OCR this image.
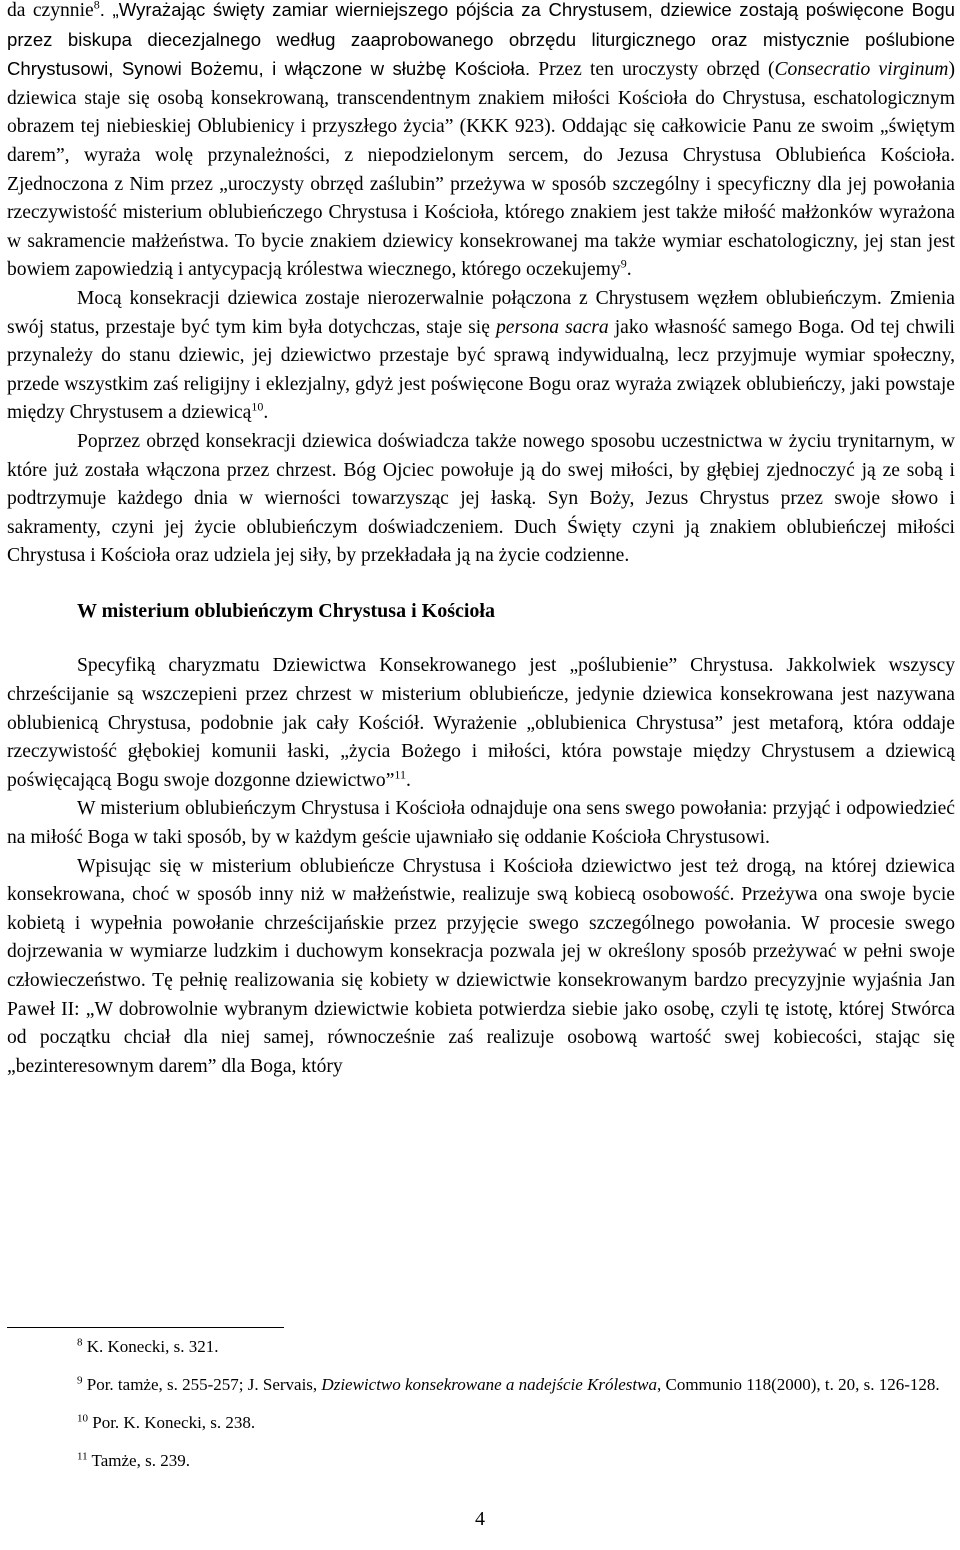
da czynnie$^8$. „Wyrażając święty zamiar wierniejszego pójścia za Chrystusem, dziewice zostają poświęcone Bogu przez biskupa diecezjalnego według zaaprobowanego obrzędu liturgicznego oraz mistycznie poślubione Chrystusowi, Synowi Bożemu, i włączone w służbę Kościoła. Przez ten uroczysty obrzęd (Consecratio virginum) dziewica staje się osobą konsekrowaną, transcendentnym znakiem miłości Kościoła do Chrystusa, eschatologicznym obrazem tej niebieskiej Oblubienicy i przyszłego życia” (KKK 923). Oddając się całkowicie Panu ze swoim „świętym darem”, wyraża wolę przynależności, z niepodzielonym sercem, do Jezusa Chrystusa Oblubieńca Kościoła. Zjednoczona z Nim przez „uroczysty obrzęd zaślubin” przeżywa w sposób szczególny i specyficzny dla jej powołania rzeczywistość misterium oblubieńczego Chrystusa i Kościoła, którego znakiem jest także miłość małżonków wyrażona w sakramencie małżeństwa. To bycie znakiem dziewicy konsekrowanej ma także wymiar eschatologiczny, jej stan jest bowiem zapowiedzią i antycypacją królestwa wiecznego, którego oczekujemy$^9$.

Mocą konsekracji dziewica zostaje nierozerwalnie połączona z Chrystusem węzłem oblubieńczym. Zmienia swój status, przestaje być tym kim była dotychczas, staje się persona sacra jako własność samego Boga. Od tej chwili przynależy do stanu dziewic, jej dziewictwo przestaje być sprawą indywidualną, lecz przyjmuje wymiar społeczny, przede wszystkim zaś religijny i eklezjalny, gdyż jest poświęcone Bogu oraz wyraża związek oblubieńczy, jaki powstaje między Chrystusem a dziewicą$^{10}$.

Poprzez obrzęd konsekracji dziewica doświadcza także nowego sposobu uczestnictwa w życiu trynitarnym, w które już została włączona przez chrzest. Bóg Ojciec powołuje ją do swej miłości, by głębiej zjednoczyć ją ze sobą i podtrzymuje każdego dnia w wierności towarzysząc jej łaską. Syn Boży, Jezus Chrystus przez swoje słowo i sakramenty, czyni jej życie oblubieńczym doświadczeniem. Duch Święty czyni ją znakiem oblubieńczej miłości Chrystusa i Kościoła oraz udziela jej siły, by przekładała ją na życie codzienne.

W misterium oblubieńczym Chrystusa i Kościoła

Specyfiką charyzmatu Dziewictwa Konsekrowanego jest „poślubienie” Chrystusa. Jakkolwiek wszyscy chrześcijanie są wszczepieni przez chrzest w misterium oblubieńcze, jedynie dziewica konsekrowana jest nazywana oblubienicą Chrystusa, podobnie jak cały Kościół. Wyrażenie „oblubienica Chrystusa” jest metaforą, która oddaje rzeczywistość głębokiej komunii łaski, „życia Bożego i miłości, która powstaje między Chrystusem a dziewicą poświęcającą Bogu swoje dozgonne dziewictwo”$^{11}$.

W misterium oblubieńczym Chrystusa i Kościoła odnajduje ona sens swego powołania: przyjąć i odpowiedzieć na miłość Boga w taki sposób, by w każdym geście ujawniało się oddanie Kościoła Chrystusowi.

Wpisując się w misterium oblubieńcze Chrystusa i Kościoła dziewictwo jest też drogą, na której dziewica konsekrowana, choć w sposób inny niż w małżeństwie, realizuje swą kobiecą osobowość. Przeżywa ona swoje bycie kobietą i wypełnia powołanie chrześcijańskie przez przyjęcie swego szczególnego powołania. W procesie swego dojrzewania w wymiarze ludzkim i duchowym konsekracja pozwala jej w określony sposób przeżywać w pełni swoje człowieczeństwo. Tę pełnię realizowania się kobiety w dziewictwie konsekrowanym bardzo precyzyjnie wyjaśnia Jan Paweł II: „W dobrowolnie wybranym dziewictwie kobieta potwierdza siebie jako osobę, czyli tę istotę, której Stwórca od początku chciał dla niej samej, równocześnie zaś realizuje osobową wartość swej kobiecości, stając się „bezinteresownym darem” dla Boga, który

$^8$ K. Konecki, s. 321.

$^9$ Por. tamże, s. 255-257; J. Servais, Dziewictwo konsekrowane a nadejście Królestwa, Communio 118(2000), t. 20, s. 126-128.

$^{10}$ Por. K. Konecki, s. 238.

$^{11}$ Tamże, s. 239.

4
